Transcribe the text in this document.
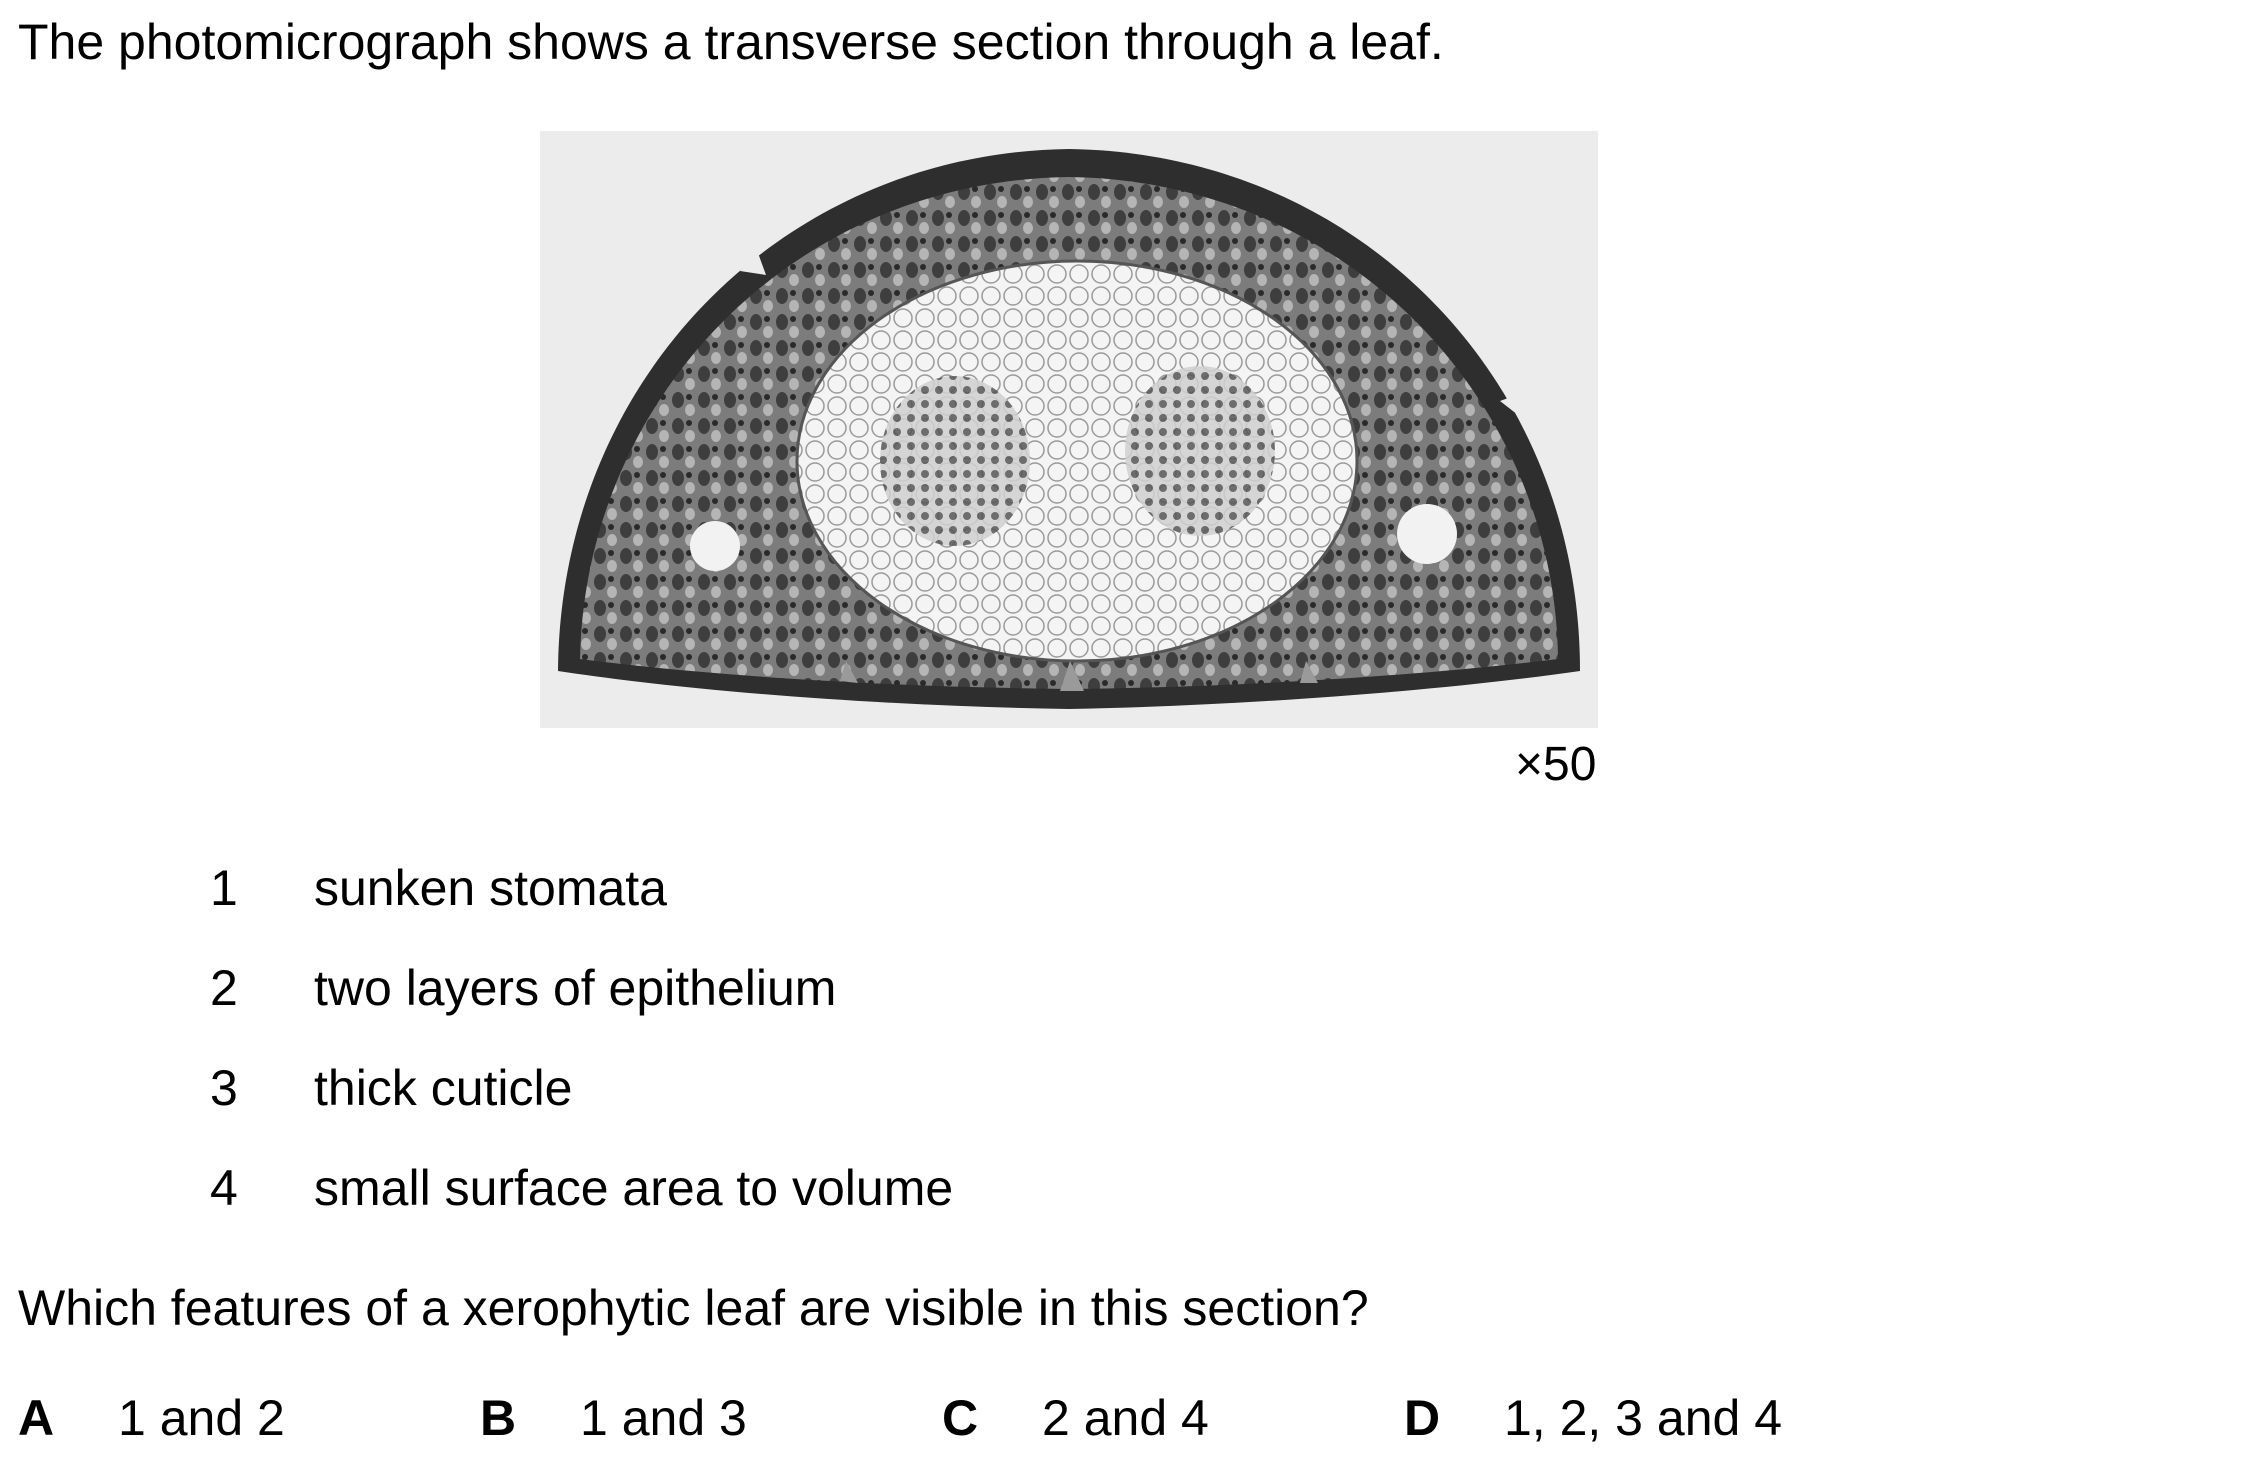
The photomicrograph shows a transverse section through a leaf.
×50
1	sunken stomata
2	two layers of epithelium
3	thick cuticle
4	small surface area to volume
Which features of a xerophytic leaf are visible in this section?
A 1 and 2	B 1 and 3	C 2 and 4	D 1, 2, 3 and 4
